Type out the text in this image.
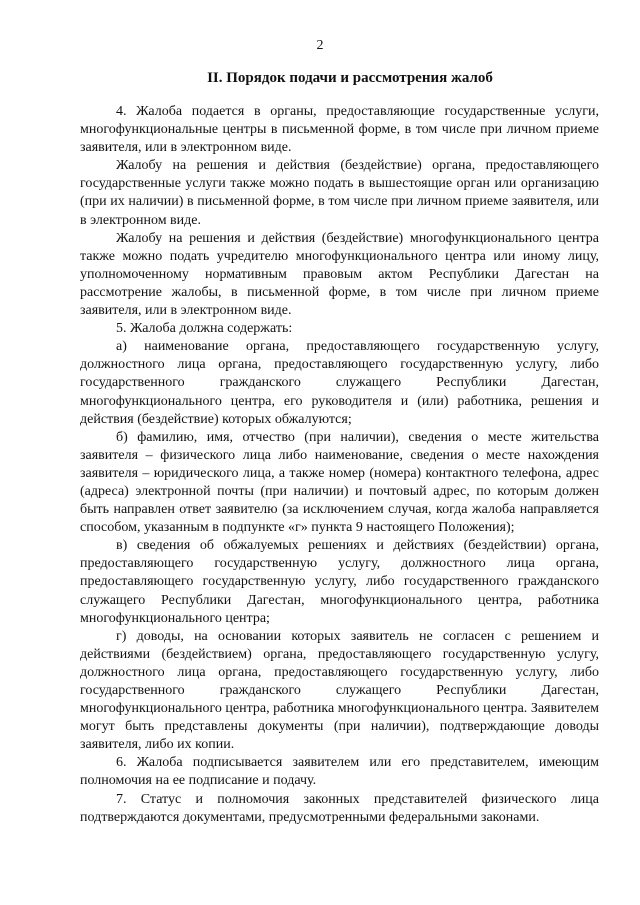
2
II. Порядок подачи и рассмотрения жалоб

4. Жалоба подается в органы, предоставляющие государственные услуги, многофункциональные центры в письменной форме, в том числе при личном приеме заявителя, или в электронном виде.

Жалобу на решения и действия (бездействие) органа, предоставляющего государственные услуги также можно подать в вышестоящие орган или организацию (при их наличии) в письменной форме, в том числе при личном приеме заявителя, или в электронном виде.

Жалобу на решения и действия (бездействие) многофункционального центра также можно подать учредителю многофункционального центра или иному лицу, уполномоченному нормативным правовым актом Республики Дагестан на рассмотрение жалобы, в письменной форме, в том числе при личном приеме заявителя, или в электронном виде.

5. Жалоба должна содержать:

а) наименование органа, предоставляющего государственную услугу, должностного лица органа, предоставляющего государственную услугу, либо государственного гражданского служащего Республики Дагестан, многофункционального центра, его руководителя и (или) работника, решения и действия (бездействие) которых обжалуются;

б) фамилию, имя, отчество (при наличии), сведения о месте жительства заявителя – физического лица либо наименование, сведения о месте нахождения заявителя – юридического лица, а также номер (номера) контактного телефона, адрес (адреса) электронной почты (при наличии) и почтовый адрес, по которым должен быть направлен ответ заявителю (за исключением случая, когда жалоба направляется способом, указанным в подпункте «г» пункта 9 настоящего Положения);

в) сведения об обжалуемых решениях и действиях (бездействии) органа, предоставляющего государственную услугу, должностного лица органа, предоставляющего государственную услугу, либо государственного гражданского служащего Республики Дагестан, многофункционального центра, работника многофункционального центра;

г) доводы, на основании которых заявитель не согласен с решением и действиями (бездействием) органа, предоставляющего государственную услугу, должностного лица органа, предоставляющего государственную услугу, либо государственного гражданского служащего Республики Дагестан, многофункционального центра, работника многофункционального центра. Заявителем могут быть представлены документы (при наличии), подтверждающие доводы заявителя, либо их копии.

6. Жалоба подписывается заявителем или его представителем, имеющим полномочия на ее подписание и подачу.

7. Статус и полномочия законных представителей физического лица подтверждаются документами, предусмотренными федеральными законами.
